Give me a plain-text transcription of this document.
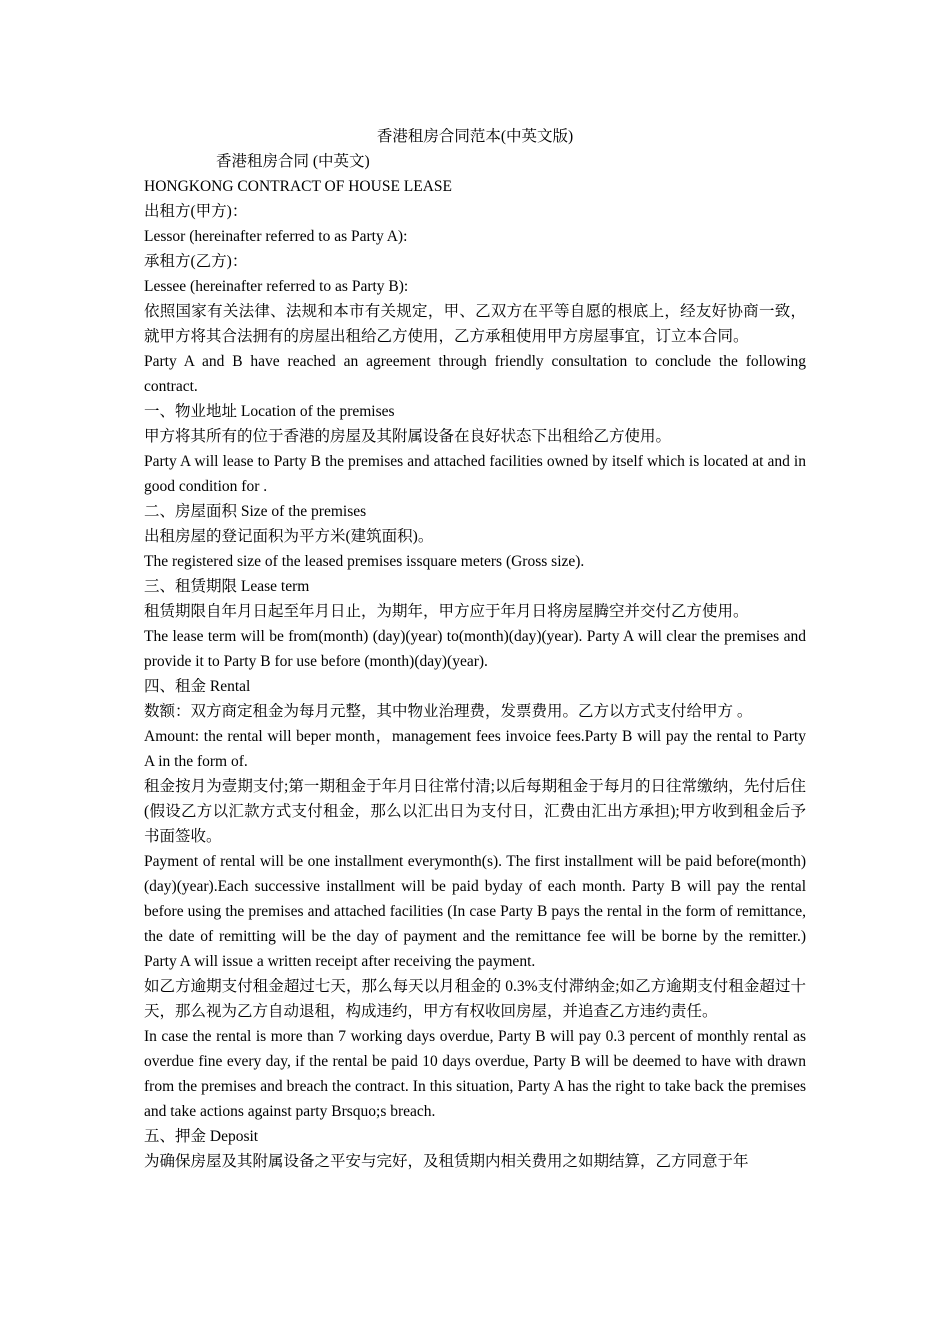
香港租房合同范本(中英文版)

香港租房合同 (中英文)

HONGKONG CONTRACT OF HOUSE LEASE

出租方(甲方)：

Lessor (hereinafter referred to as Party A):

承租方(乙方)：

Lessee (hereinafter referred to as Party B):

依照国家有关法律、法规和本市有关规定，甲、乙双方在平等自愿的根底上，经友好协商一致，就甲方将其合法拥有的房屋出租给乙方使用，乙方承租使用甲方房屋事宜，订立本合同。

Party A and B have reached an agreement through friendly consultation to conclude the following contract.

一、物业地址 Location of the premises

甲方将其所有的位于香港的房屋及其附属设备在良好状态下出租给乙方使用。

Party A will lease to Party B the premises and attached facilities owned by itself which is located at and in good condition for .

二、房屋面积 Size of the premises

出租房屋的登记面积为平方米(建筑面积)。

The registered size of the leased premises issquare meters (Gross size).

三、租赁期限 Lease term

租赁期限自年月日起至年月日止，为期年，甲方应于年月日将房屋腾空并交付乙方使用。

The lease term will be from(month) (day)(year) to(month)(day)(year). Party A will clear the premises and provide it to Party B for use before (month)(day)(year).

四、租金 Rental

数额：双方商定租金为每月元整，其中物业治理费，发票费用。乙方以方式支付给甲方 。

Amount: the rental will beper month，management fees invoice fees.Party B will pay the rental to Party A in the form of.

租金按月为壹期支付;第一期租金于年月日往常付清;以后每期租金于每月的日往常缴纳，先付后住(假设乙方以汇款方式支付租金，那么以汇出日为支付日，汇费由汇出方承担);甲方收到租金后予书面签收。

Payment of rental will be one installment everymonth(s). The first installment will be paid before(month)(day)(year).Each successive installment will be paid byday of each month. Party B will pay the rental before using the premises and attached facilities (In case Party B pays the rental in the form of remittance, the date of remitting will be the day of payment and the remittance fee will be borne by the remitter.) Party A will issue a written receipt after receiving the payment.

如乙方逾期支付租金超过七天，那么每天以月租金的 0.3%支付滞纳金;如乙方逾期支付租金超过十天，那么视为乙方自动退租，构成违约，甲方有权收回房屋，并追查乙方违约责任。

In case the rental is more than 7 working days overdue, Party B will pay 0.3 percent of monthly rental as overdue fine every day, if the rental be paid 10 days overdue, Party B will be deemed to have with drawn from the premises and breach the contract. In this situation, Party A has the right to take back the premises and take actions against party Brsquo;s breach.

五、押金 Deposit

为确保房屋及其附属设备之平安与完好，及租赁期内相关费用之如期结算，乙方同意于年
